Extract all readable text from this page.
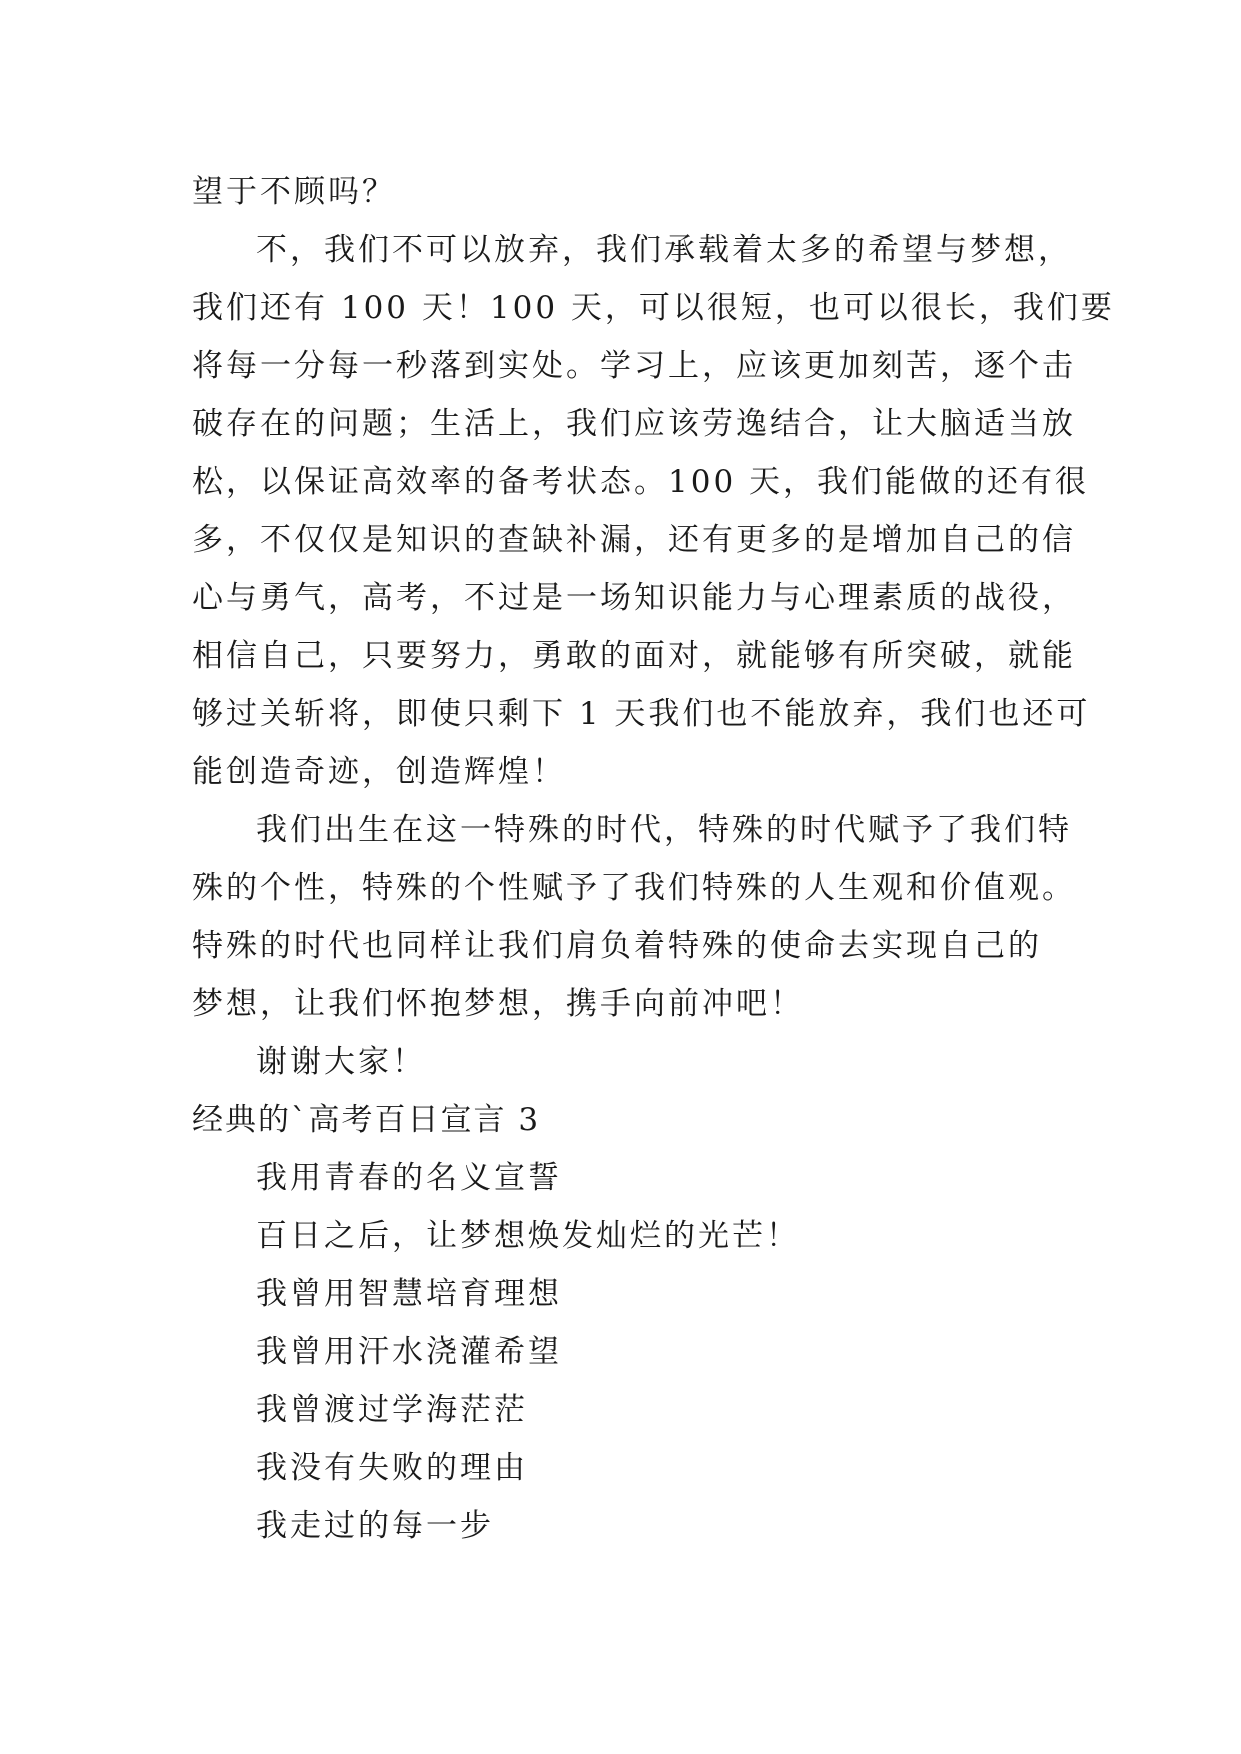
望于不顾吗？
不，我们不可以放弃，我们承载着太多的希望与梦想，
我们还有 100 天！100 天，可以很短，也可以很长，我们要
将每一分每一秒落到实处。学习上，应该更加刻苦，逐个击
破存在的问题；生活上，我们应该劳逸结合，让大脑适当放
松，以保证高效率的备考状态。100 天，我们能做的还有很
多，不仅仅是知识的查缺补漏，还有更多的是增加自己的信
心与勇气，高考，不过是一场知识能力与心理素质的战役，
相信自己，只要努力，勇敢的面对，就能够有所突破，就能
够过关斩将，即使只剩下 1 天我们也不能放弃，我们也还可
能创造奇迹，创造辉煌！
我们出生在这一特殊的时代，特殊的时代赋予了我们特
殊的个性，特殊的个性赋予了我们特殊的人生观和价值观。
特殊的时代也同样让我们肩负着特殊的使命去实现自己的
梦想，让我们怀抱梦想，携手向前冲吧！
谢谢大家！
经典的`高考百日宣言 3
我用青春的名义宣誓
百日之后，让梦想焕发灿烂的光芒！
我曾用智慧培育理想
我曾用汗水浇灌希望
我曾渡过学海茫茫
我没有失败的理由
我走过的每一步
